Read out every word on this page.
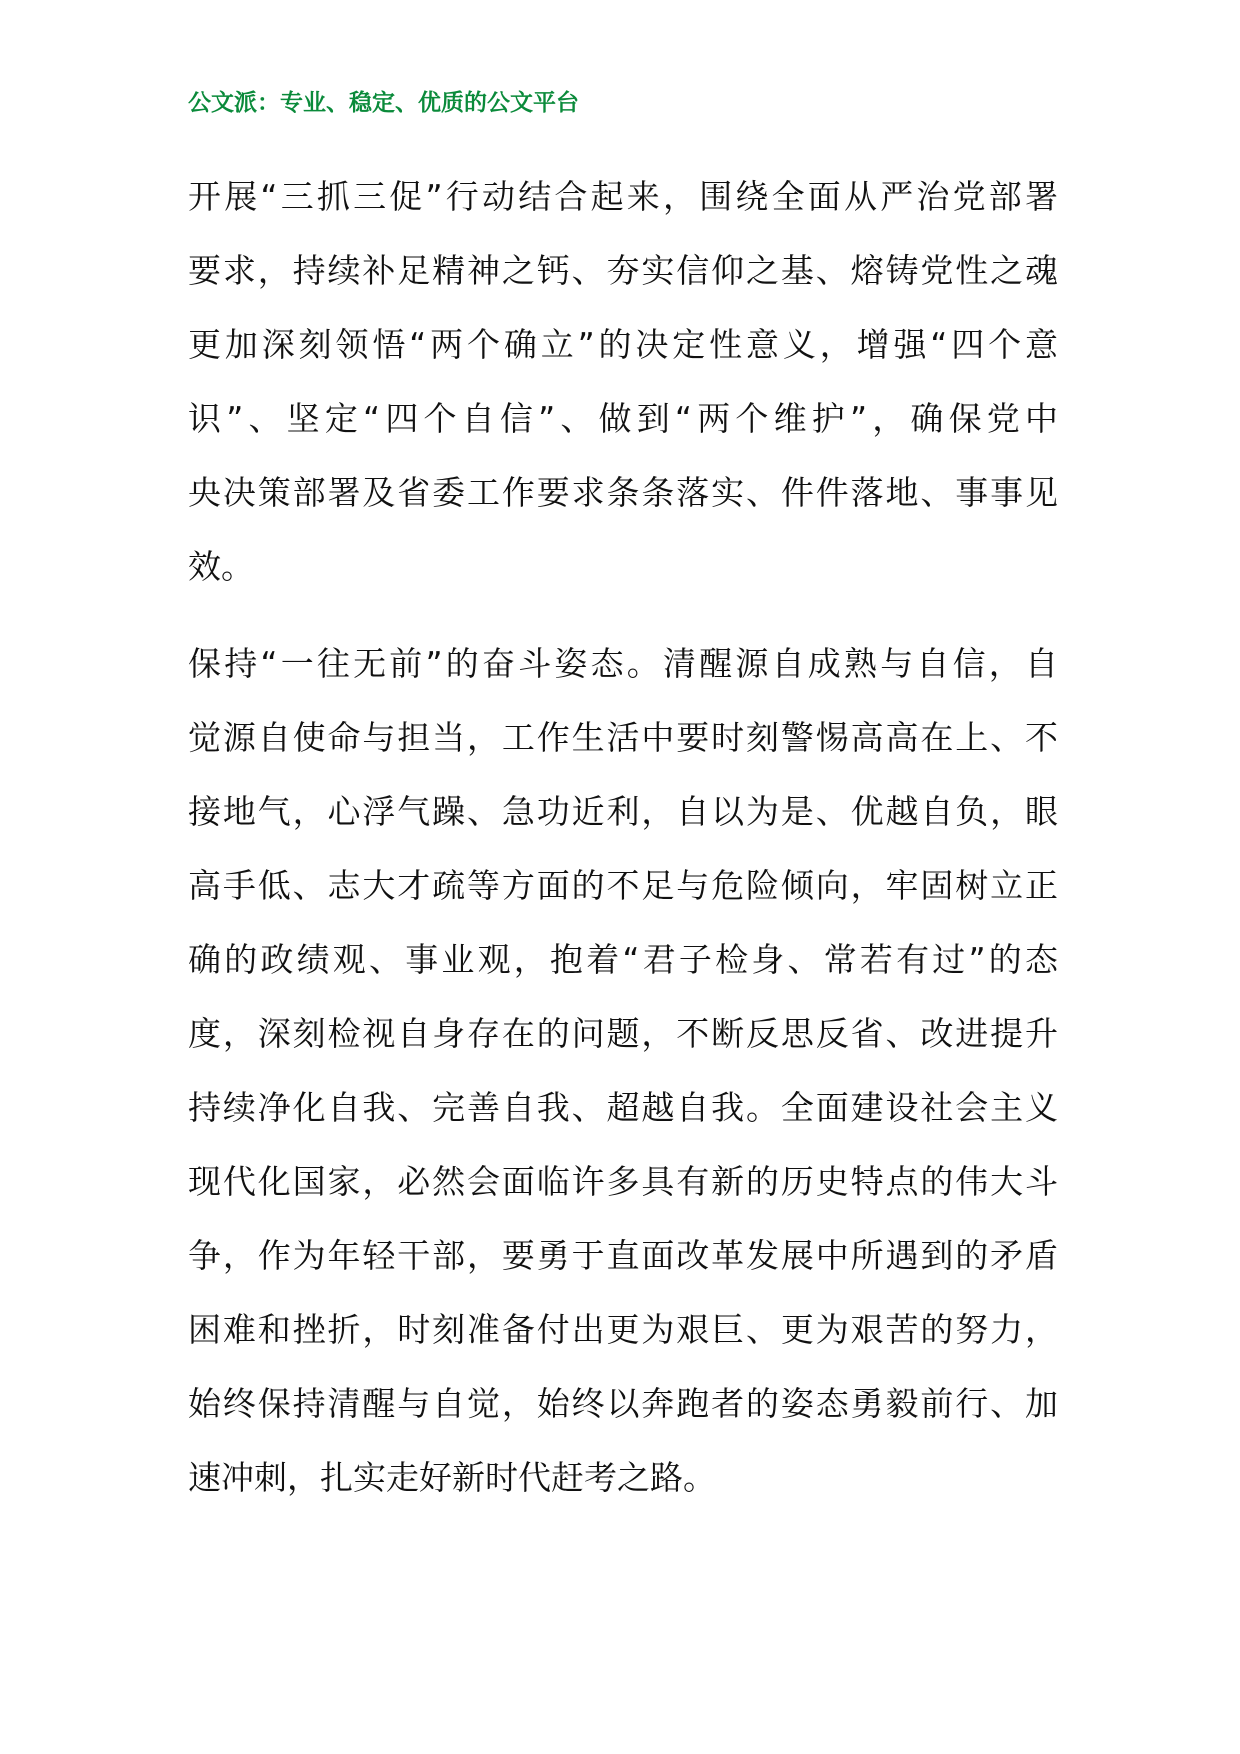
公文派：专业、稳定、优质的公文平台
开展“三抓三促”行动结合起来，围绕全面从严治党部署
要求，持续补足精神之钙、夯实信仰之基、熔铸党性之魂
更加深刻领悟“两个确立”的决定性意义，增强“四个意
识”、坚定“四个自信”、做到“两个维护”，确保党中
央决策部署及省委工作要求条条落实、件件落地、事事见
效。
保持“一往无前”的奋斗姿态。清醒源自成熟与自信，自
觉源自使命与担当，工作生活中要时刻警惕高高在上、不
接地气，心浮气躁、急功近利，自以为是、优越自负，眼
高手低、志大才疏等方面的不足与危险倾向，牢固树立正
确的政绩观、事业观，抱着“君子检身、常若有过”的态
度，深刻检视自身存在的问题，不断反思反省、改进提升
持续净化自我、完善自我、超越自我。全面建设社会主义
现代化国家，必然会面临许多具有新的历史特点的伟大斗
争，作为年轻干部，要勇于直面改革发展中所遇到的矛盾
困难和挫折，时刻准备付出更为艰巨、更为艰苦的努力，
始终保持清醒与自觉，始终以奔跑者的姿态勇毅前行、加
速冲刺，扎实走好新时代赶考之路。
